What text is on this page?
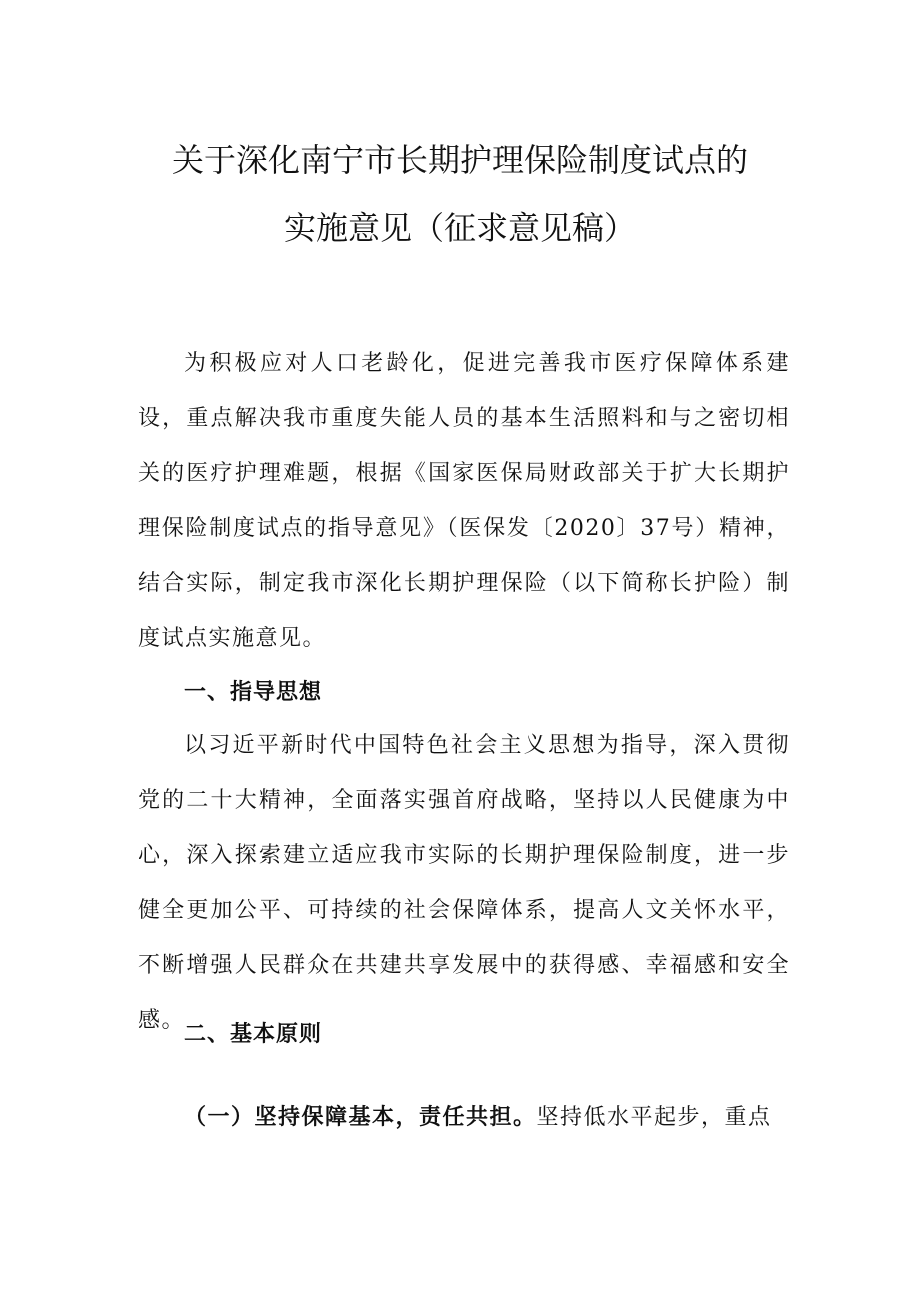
关于深化南宁市长期护理保险制度试点的
实施意见（征求意见稿）

为积极应对人口老龄化，促进完善我市医疗保障体系建设，重点解决我市重度失能人员的基本生活照料和与之密切相关的医疗护理难题，根据《国家医保局财政部关于扩大长期护理保险制度试点的指导意见》（医保发〔2020〕37号）精神，结合实际，制定我市深化长期护理保险（以下简称长护险）制度试点实施意见。

一、指导思想

以习近平新时代中国特色社会主义思想为指导，深入贯彻党的二十大精神，全面落实强首府战略，坚持以人民健康为中心，深入探索建立适应我市实际的长期护理保险制度，进一步健全更加公平、可持续的社会保障体系，提高人文关怀水平，不断增强人民群众在共建共享发展中的获得感、幸福感和安全感。

二、基本原则

（一）坚持保障基本，责任共担。坚持低水平起步，重点
